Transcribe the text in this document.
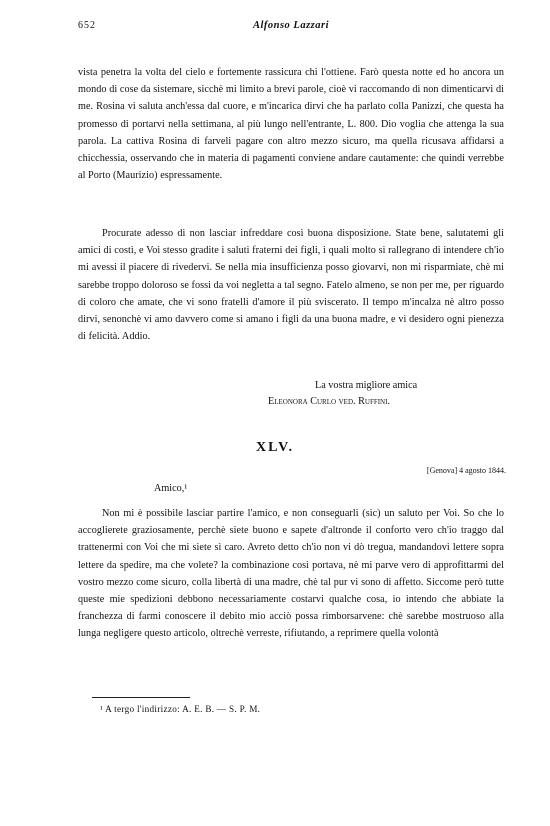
652	Alfonso Lazzari

vista penetra la volta del cielo e fortemente rassicura chi l'ottiene. Farò questa notte ed ho ancora un mondo di cose da sistemare, sicchè mi limito a brevi parole, cioè vi raccomando di non dimenticarvi di me. Rosina vi saluta anch'essa dal cuore, e m'incarica dirvi che ha parlato colla Panizzi, che questa ha promesso di portarvi nella settimana, al più lungo nell'entrante, L. 800. Dio voglia che attenga la sua parola. La cattiva Rosina di farveli pagare con altro mezzo sicuro, ma quella ricusava affidarsi a chicchessia, osservando che in materia di pagamenti conviene andare cautamente: che quindi verrebbe al Porto (Maurizio) espressamente.

Procurate adesso di non lasciar infreddare così buona disposizione. State bene, salutatemi gli amici di costì, e Voi stesso gradite i saluti fraterni dei figli, i quali molto si rallegrano di intendere ch'io mi avessi il piacere di rivedervi. Se nella mia insufficienza posso giovarvi, non mi risparmiate, chè mi sarebbe troppo doloroso se fossi da voi negletta a tal segno. Fatelo almeno, se non per me, per riguardo di coloro che amate, che vi sono fratelli d'amore il più sviscerato. Il tempo m'incalza nè altro posso dirvi, senonchè vi amo davvero come si amano i figli da una buona madre, e vi desidero ogni pienezza di felicità. Addio.

La vostra migliore amica
Eleonora Curlo ved. Ruffini.
XLV.
[Genova] 4 agosto 1844.
Amico,¹

Non mi è possibile lasciar partire l'amico, e non conseguarli (sic) un saluto per Voi. So che lo accoglierete graziosamente, perchè siete buono e sapete d'altronde il conforto vero ch'io traggo dal trattenermi con Voi che mi siete sì caro. Avreto detto ch'io non vi dò tregua, mandandovi lettere sopra lettere da spedire, ma che volete? la combinazione così portava, nè mi parve vero di approfittarmi del vostro mezzo come sicuro, colla libertà di una madre, chè tal pur vi sono di affetto. Siccome però tutte queste mie spedizioni debbono necessariamente costarvi qualche cosa, io intendo che abbiate la franchezza di farmi conoscere il debito mio acciò possa rimborsarvene: chè sarebbe mostruoso alla lunga negligere questo articolo, oltrechè verreste, rifiutando, a reprimere quella volontà

¹ A tergo l'indirizzo: A. E. B. — S. P. M.
